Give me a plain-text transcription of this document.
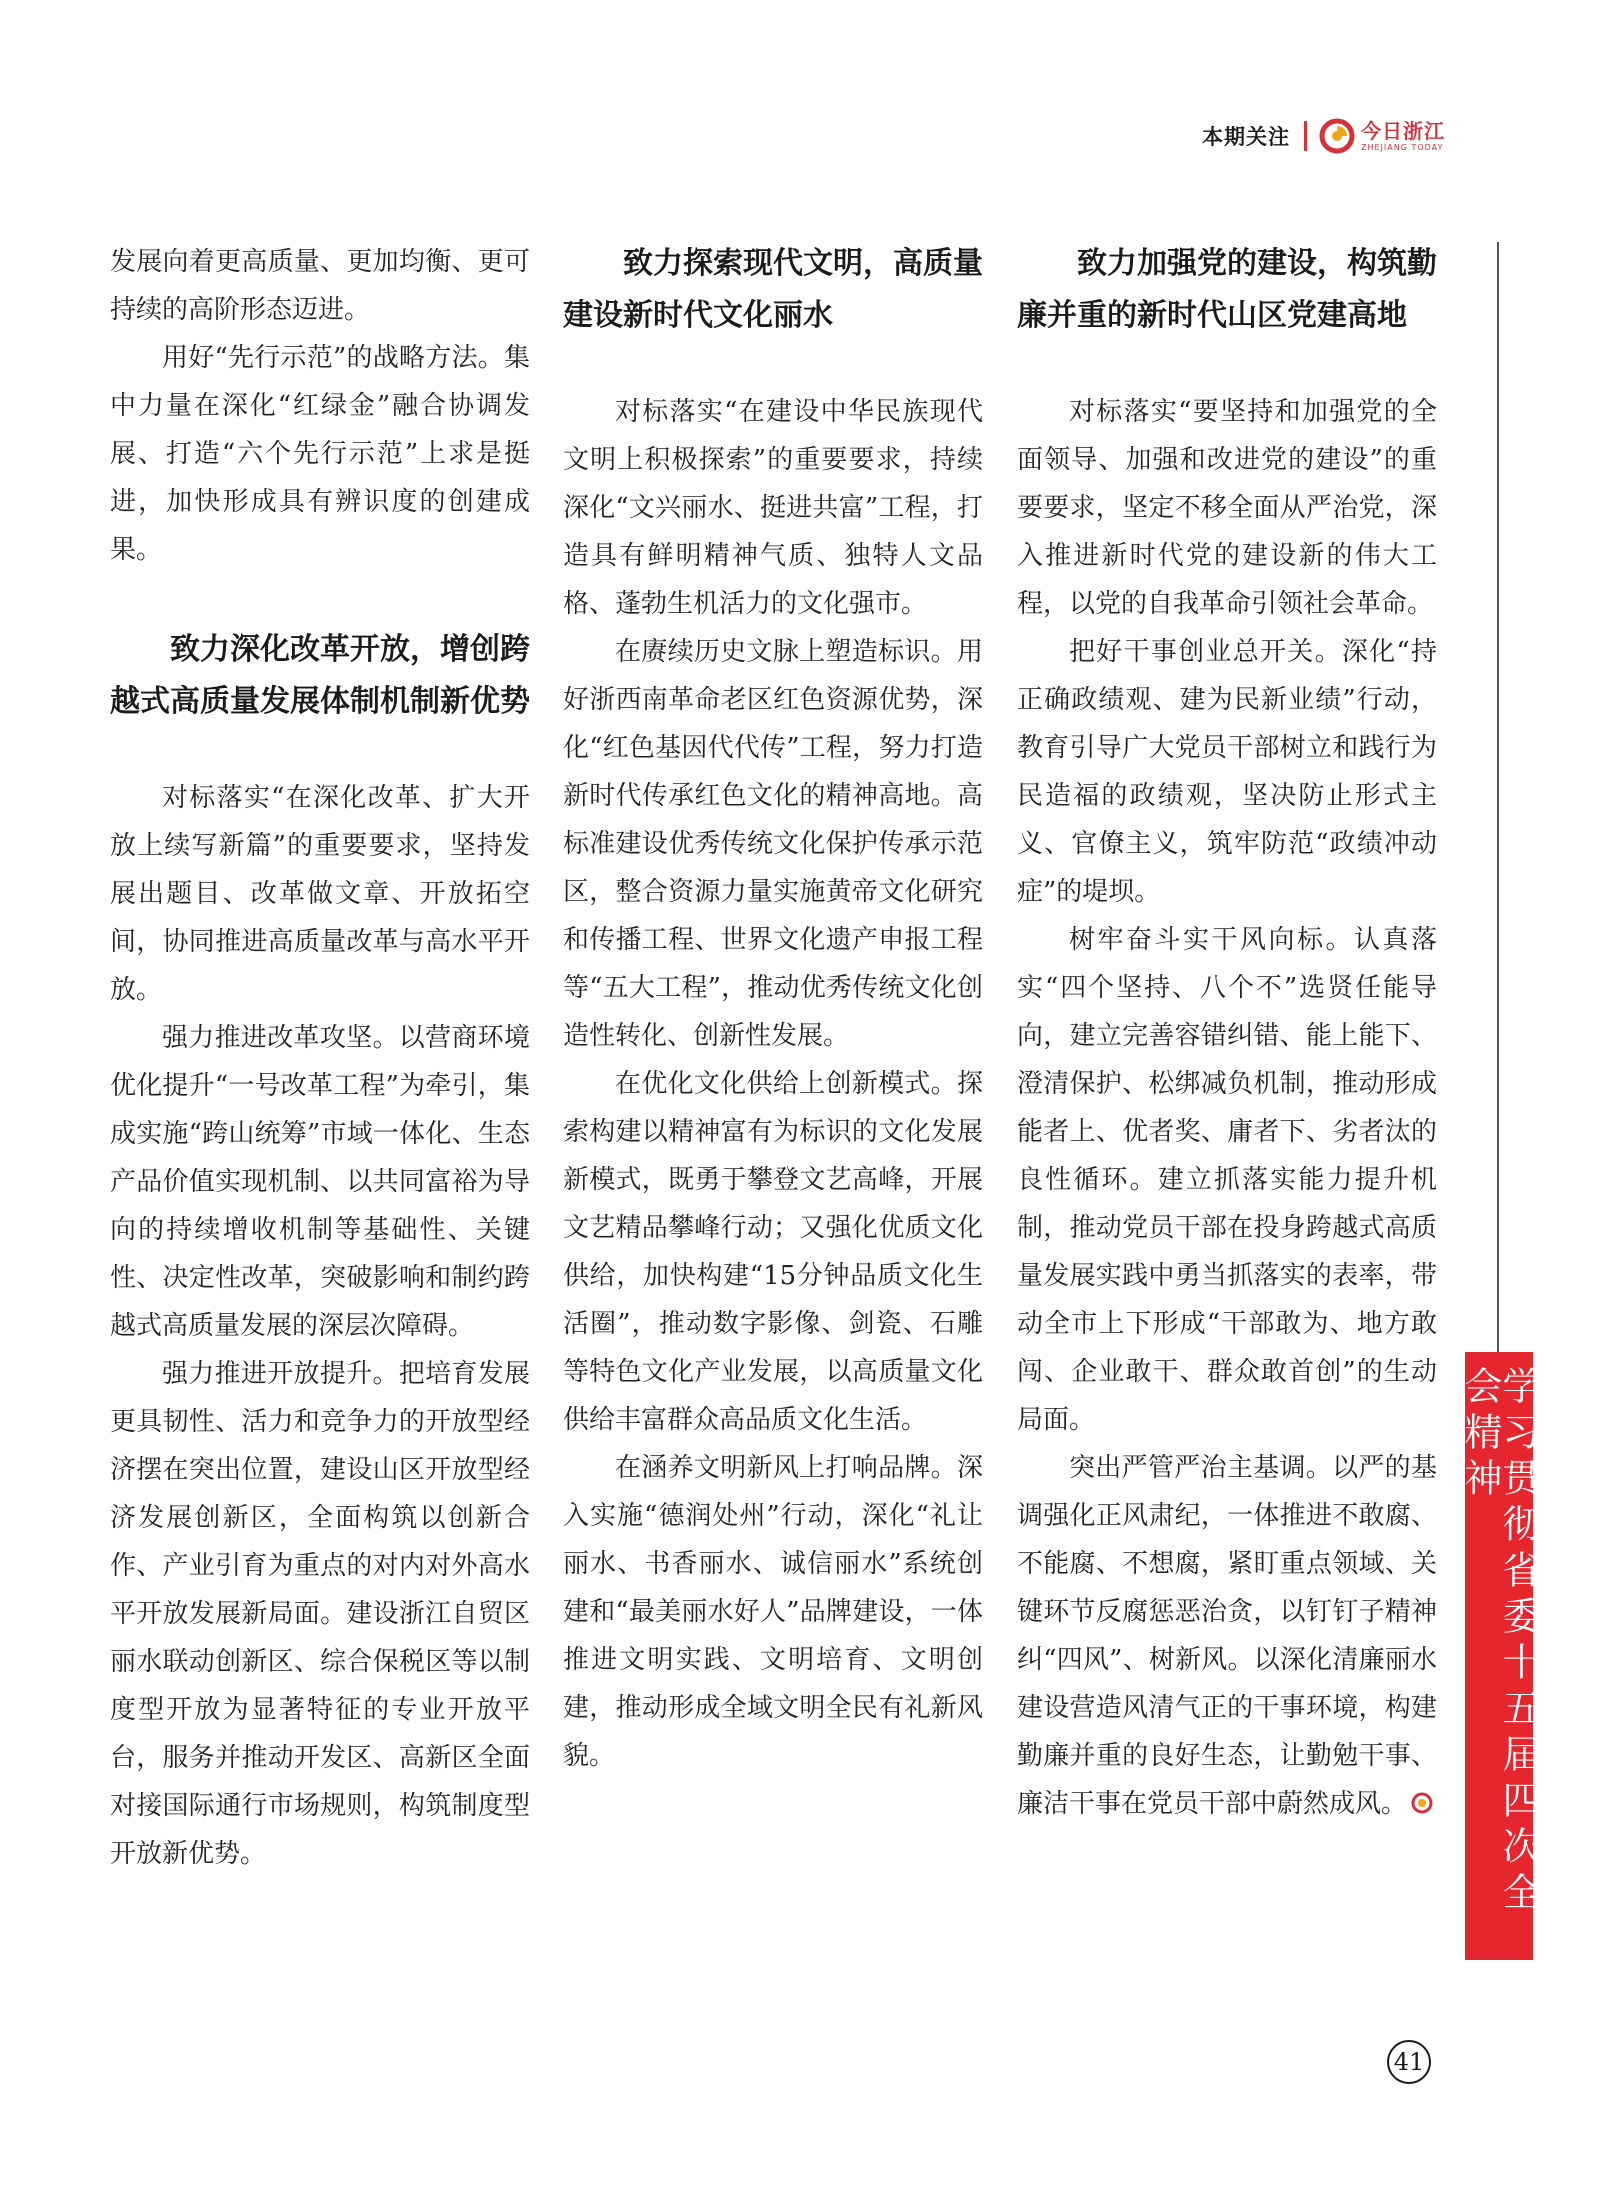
本期关注	今日浙江
ZHEJIANG TODAY

发展向着更高质量、更加均衡、更可持续的高阶形态迈进。

用好“先行示范”的战略方法。集中力量在深化“红绿金”融合协调发展、打造“六个先行示范”上求是挺进，加快形成具有辨识度的创建成果。

致力深化改革开放，增创跨越式高质量发展体制机制新优势

对标落实“在深化改革、扩大开放上续写新篇”的重要要求，坚持发展出题目、改革做文章、开放拓空间，协同推进高质量改革与高水平开放。

强力推进改革攻坚。以营商环境优化提升“一号改革工程”为牵引，集成实施“跨山统筹”市域一体化、生态产品价值实现机制、以共同富裕为导向的持续增收机制等基础性、关键性、决定性改革，突破影响和制约跨越式高质量发展的深层次障碍。

强力推进开放提升。把培育发展更具韧性、活力和竞争力的开放型经济摆在突出位置，建设山区开放型经济发展创新区，全面构筑以创新合作、产业引育为重点的对内对外高水平开放发展新局面。建设浙江自贸区丽水联动创新区、综合保税区等以制度型开放为显著特征的专业开放平台，服务并推动开发区、高新区全面对接国际通行市场规则，构筑制度型开放新优势。

致力探索现代文明，高质量建设新时代文化丽水

对标落实“在建设中华民族现代文明上积极探索”的重要要求，持续深化“文兴丽水、挺进共富”工程，打造具有鲜明精神气质、独特人文品格、蓬勃生机活力的文化强市。

在赓续历史文脉上塑造标识。用好浙西南革命老区红色资源优势，深化“红色基因代代传”工程，努力打造新时代传承红色文化的精神高地。高标准建设优秀传统文化保护传承示范区，整合资源力量实施黄帝文化研究和传播工程、世界文化遗产申报工程等“五大工程”，推动优秀传统文化创造性转化、创新性发展。

在优化文化供给上创新模式。探索构建以精神富有为标识的文化发展新模式，既勇于攀登文艺高峰，开展文艺精品攀峰行动；又强化优质文化供给，加快构建“15分钟品质文化生活圈”，推动数字影像、剑瓷、石雕等特色文化产业发展，以高质量文化供给丰富群众高品质文化生活。

在涵养文明新风上打响品牌。深入实施“德润处州”行动，深化“礼让丽水、书香丽水、诚信丽水”系统创建和“最美丽水好人”品牌建设，一体推进文明实践、文明培育、文明创建，推动形成全域文明全民有礼新风貌。

致力加强党的建设，构筑勤廉并重的新时代山区党建高地

对标落实“要坚持和加强党的全面领导、加强和改进党的建设”的重要要求，坚定不移全面从严治党，深入推进新时代党的建设新的伟大工程，以党的自我革命引领社会革命。

把好干事创业总开关。深化“持正确政绩观、建为民新业绩”行动，教育引导广大党员干部树立和践行为民造福的政绩观，坚决防止形式主义、官僚主义，筑牢防范“政绩冲动症”的堤坝。

树牢奋斗实干风向标。认真落实“四个坚持、八个不”选贤任能导向，建立完善容错纠错、能上能下、澄清保护、松绑减负机制，推动形成能者上、优者奖、庸者下、劣者汰的良性循环。建立抓落实能力提升机制，推动党员干部在投身跨越式高质量发展实践中勇当抓落实的表率，带动全市上下形成“干部敢为、地方敢闯、企业敢干、群众敢首创”的生动局面。

突出严管严治主基调。以严的基调强化正风肃纪，一体推进不敢腐、不能腐、不想腐，紧盯重点领域、关键环节反腐惩恶治贪，以钉钉子精神纠“四风”、树新风。以深化清廉丽水建设营造风清气正的干事环境，构建勤廉并重的良好生态，让勤勉干事、廉洁干事在党员干部中蔚然成风。	学习贯彻省委十五届四次全会精神
41
